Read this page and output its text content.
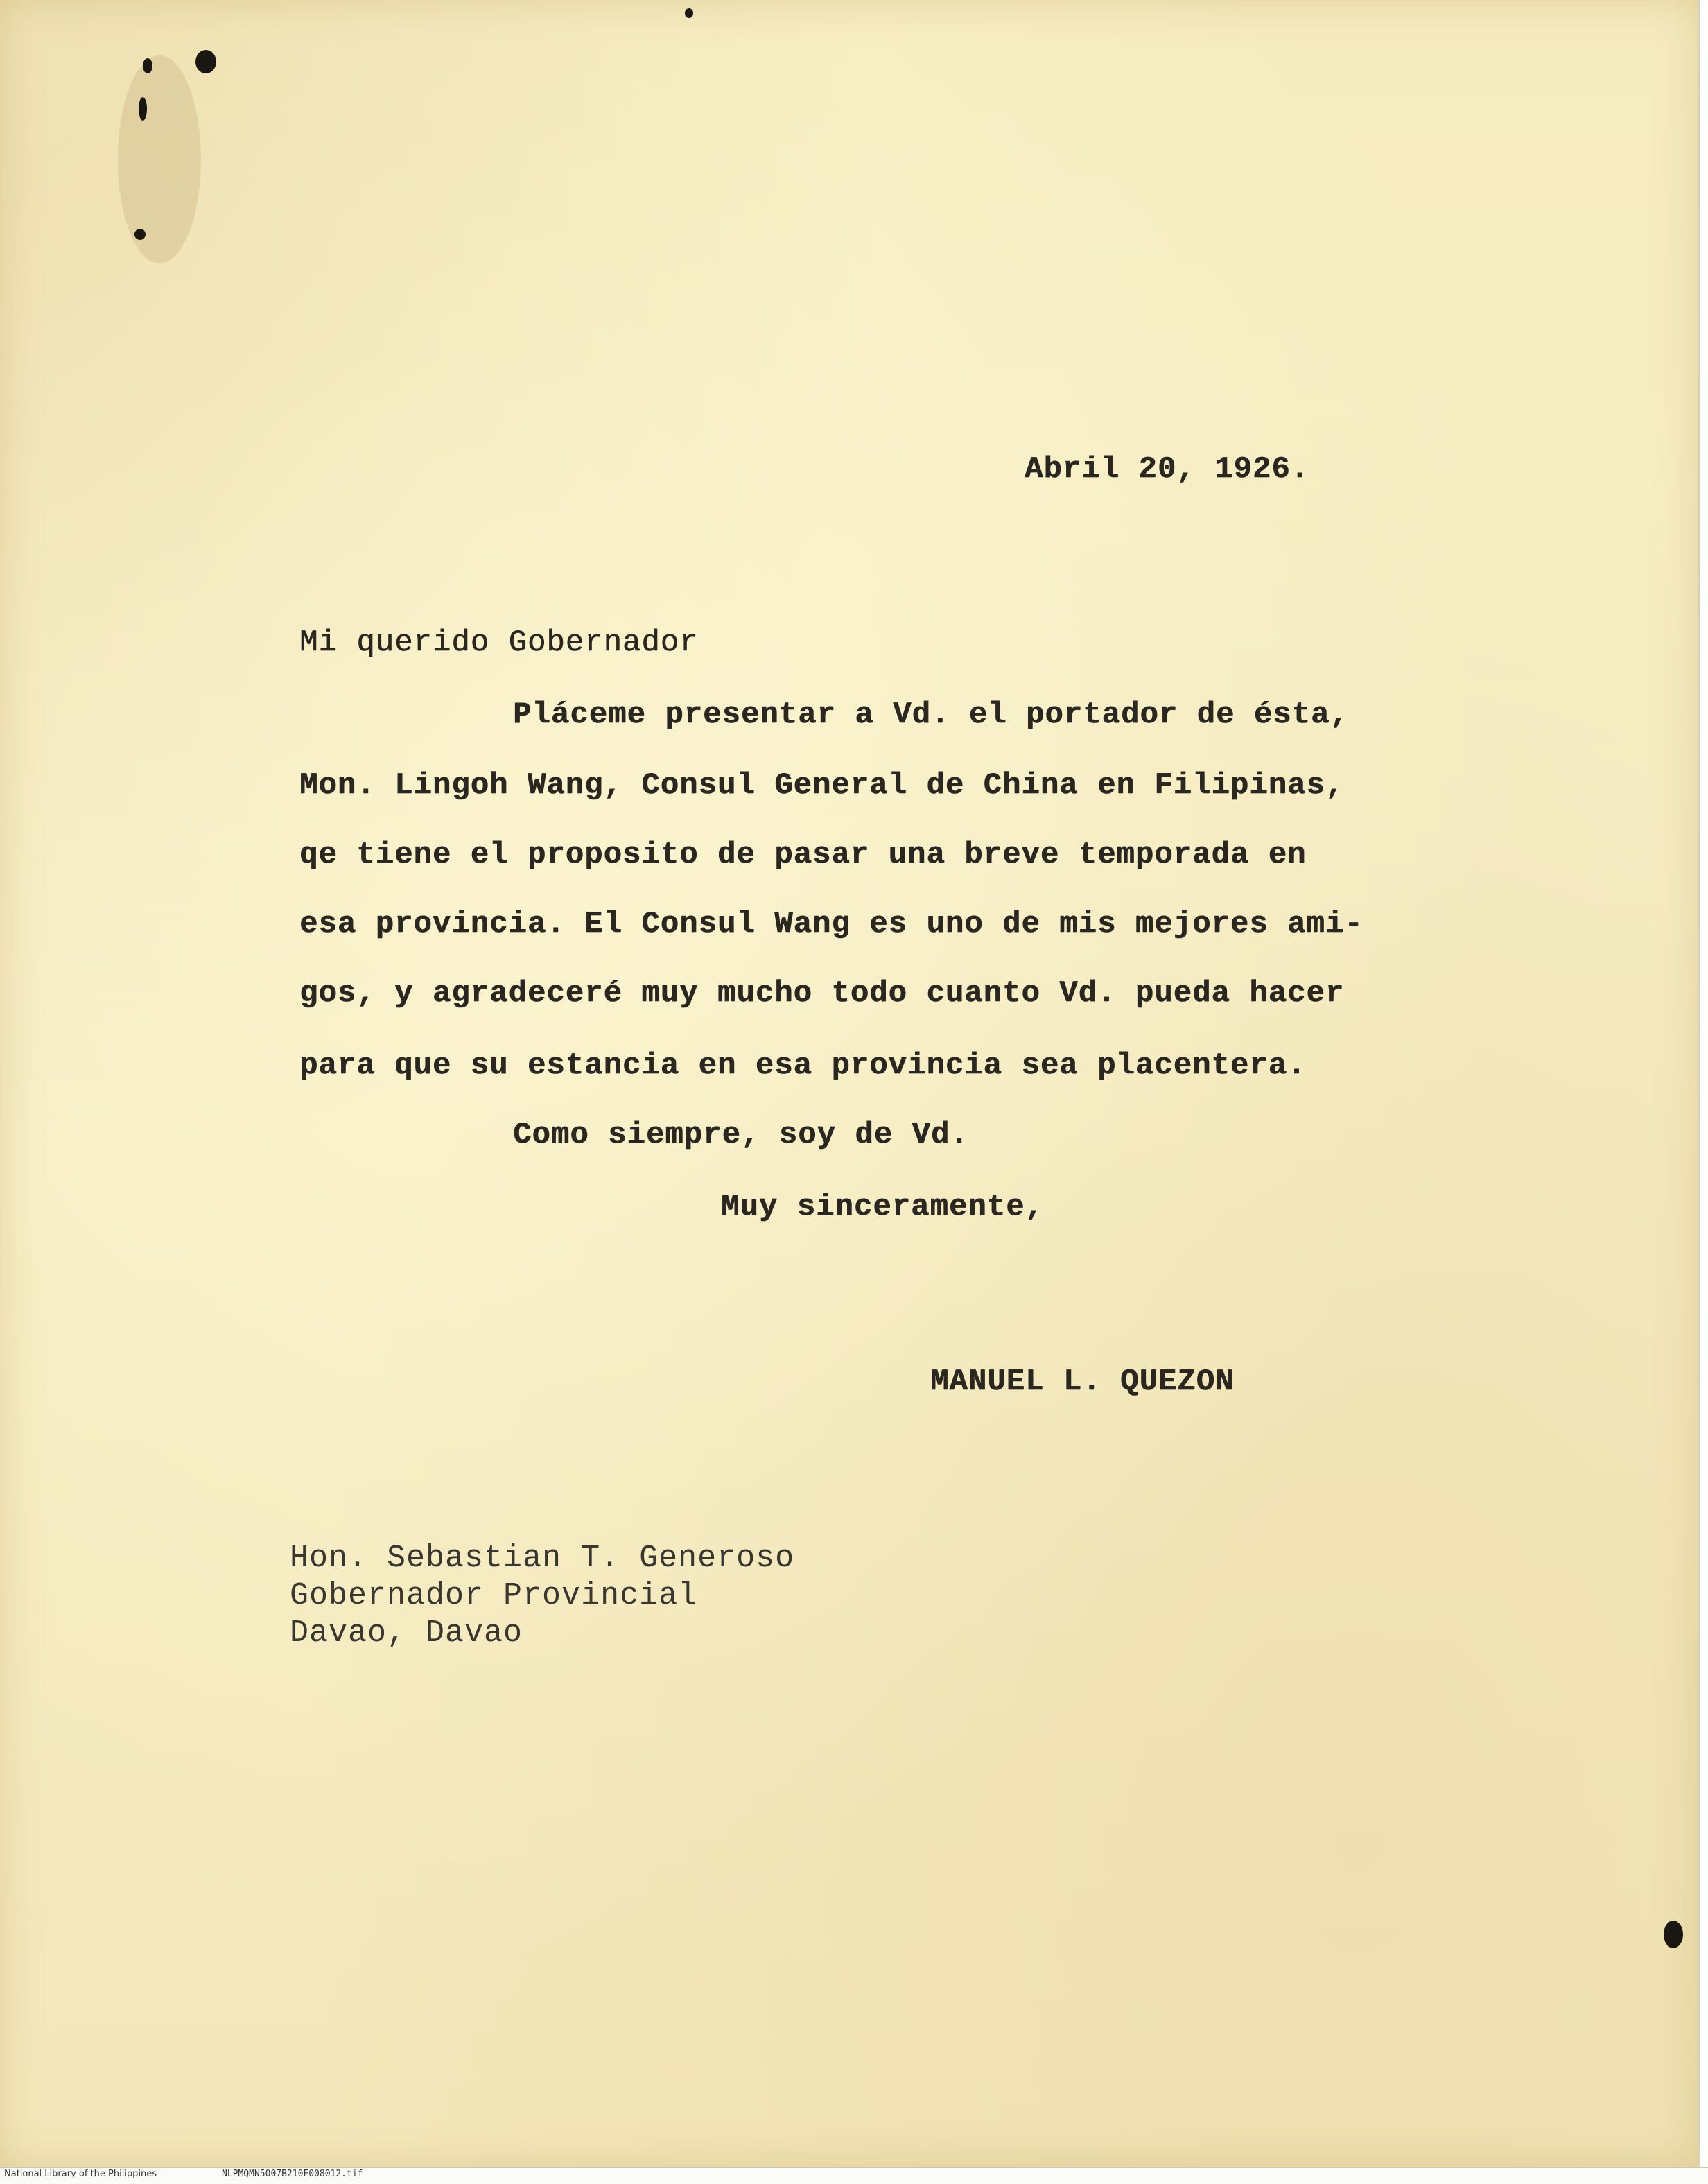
Abril 20, 1926.

Mi querido Gobernador

Pláceme presentar a Vd. el portador de ésta,

Mon. Lingoh Wang, Consul General de China en Filipinas,

qe tiene el proposito de pasar una breve temporada en

esa provincia. El Consul Wang es uno de mis mejores ami-

gos, y agradeceré muy mucho todo cuanto Vd. pueda hacer

para que su estancia en esa provincia sea placentera.

Como siempre, soy de Vd.

Muy sinceramente,

MANUEL L. QUEZON

Hon. Sebastian T. Generoso

Gobernador Provincial

Davao, Davao

National Library of the Philippines	NLPMQMN5007B210F008012.tif
